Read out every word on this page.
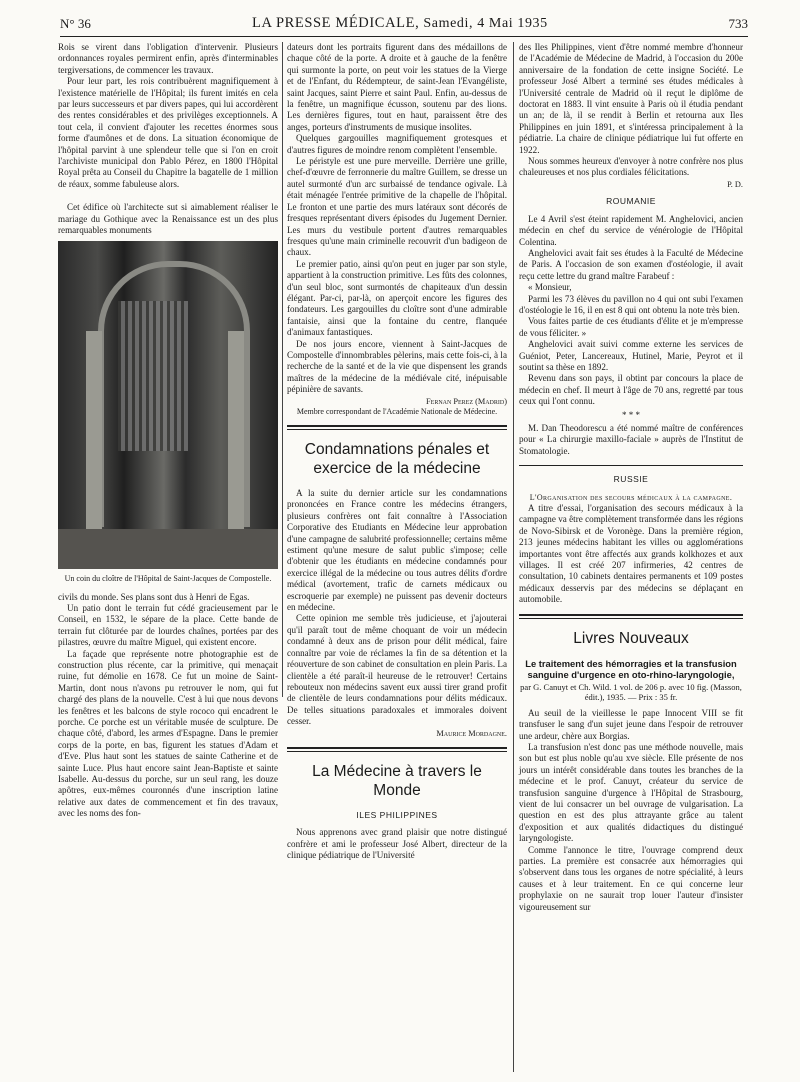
N° 36	LA PRESSE MÉDICALE, Samedi, 4 Mai 1935	733

Rois se virent dans l'obligation d'intervenir. Plusieurs ordonnances royales permirent enfin, après d'interminables tergiversations, de commencer les travaux.

Pour leur part, les rois contribuèrent magnifiquement à l'existence matérielle de l'Hôpital; ils furent imités en cela par leurs successeurs et par divers papes, qui lui accordèrent des rentes considérables et des privilèges exceptionnels. A tout cela, il convient d'ajouter les recettes énormes sous forme d'aumônes et de dons. La situation économique de l'hôpital parvint à une splendeur telle que si l'on en croit l'archiviste municipal don Pablo Pérez, en 1800 l'Hôpital Royal prêta au Conseil du Chapitre la bagatelle de 1 million de réaux, somme fabuleuse alors.

Cet édifice où l'architecte sut si aimablement réaliser le mariage du Gothique avec la Renaissance est un des plus remarquables monuments

Un coin du cloître de l'Hôpital de Saint-Jacques de Compostelle.

civils du monde. Ses plans sont dus à Henri de Egas.

Un patio dont le terrain fut cédé gracieusement par le Conseil, en 1532, le sépare de la place. Cette bande de terrain fut clôturée par de lourdes chaînes, portées par des pilastres, œuvre du maître Miguel, qui existent encore.

La façade que représente notre photographie est de construction plus récente, car la primitive, qui menaçait ruine, fut démolie en 1678. Ce fut un moine de Saint-Martin, dont nous n'avons pu retrouver le nom, qui fut chargé des plans de la nouvelle. C'est à lui que nous devons les fenêtres et les balcons de style rococo qui encadrent le porche. Ce porche est un véritable musée de sculpture. De chaque côté, d'abord, les armes d'Espagne. Dans le premier corps de la porte, en bas, figurent les statues d'Adam et d'Eve. Plus haut sont les statues de sainte Catherine et de sainte Luce. Plus haut encore saint Jean-Baptiste et sainte Isabelle. Au-dessus du porche, sur un seul rang, les douze apôtres, eux-mêmes couronnés d'une inscription latine relative aux dates de commencement et fin des travaux, avec les noms des fon-

dateurs dont les portraits figurent dans des médaillons de chaque côté de la porte. A droite et à gauche de la fenêtre qui surmonte la porte, on peut voir les statues de la Vierge et de l'Enfant, du Rédempteur, de saint-Jean l'Evangéliste, saint Jacques, saint Pierre et saint Paul. Enfin, au-dessus de la fenêtre, un magnifique écusson, soutenu par des lions. Les dernières figures, tout en haut, paraissent être des anges, porteurs d'instruments de musique insolites.

Quelques gargouilles magnifiquement grotesques et d'autres figures de moindre renom complètent l'ensemble.

Le péristyle est une pure merveille. Derrière une grille, chef-d'œuvre de ferronnerie du maître Guillem, se dresse un autel surmonté d'un arc surbaissé de tendance ogivale. Là était ménagée l'entrée primitive de la chapelle de l'hôpital. Le fronton et une partie des murs latéraux sont décorés de fresques représentant divers épisodes du Jugement Dernier. Les murs du vestibule portent d'autres remarquables fresques qu'une main criminelle recouvrit d'un badigeon de chaux.

Le premier patio, ainsi qu'on peut en juger par son style, appartient à la construction primitive. Les fûts des colonnes, d'un seul bloc, sont surmontés de chapiteaux d'un dessin élégant. Par-ci, par-là, on aperçoit encore les figures des fondateurs. Les gargouilles du cloître sont d'une admirable fantaisie, ainsi que la fontaine du centre, flanquée d'animaux fantastiques.

De nos jours encore, viennent à Saint-Jacques de Compostelle d'innombrables pèlerins, mais cette fois-ci, à la recherche de la santé et de la vie que dispensent les grands maîtres de la médecine de la médiévale cité, inépuisable pépinière de savants.

Fernan Perez (Madrid)
Membre correspondant de l'Académie Nationale de Médecine.
Condamnations pénales et exercice de la médecine

A la suite du dernier article sur les condamnations prononcées en France contre les médecins étrangers, plusieurs confrères ont fait connaître à l'Association Corporative des Etudiants en Médecine leur approbation d'une campagne de salubrité professionnelle; certains même estiment qu'une mesure de salut public s'impose; celle d'obtenir que les étudiants en médecine condamnés pour exercice illégal de la médecine ou tous autres délits d'ordre médical (avortement, trafic de carnets médicaux ou escroquerie par exemple) ne puissent pas devenir docteurs en médecine.

Cette opinion me semble très judicieuse, et j'ajouterai qu'il paraît tout de même choquant de voir un médecin condamné à deux ans de prison pour délit médical, faire connaître par voie de réclames la fin de sa détention et la réouverture de son cabinet de consultation en plein Paris. La clientèle a été paraît-il heureuse de le retrouver! Certains rebouteux non médecins savent eux aussi tirer grand profit de clientèle de leurs condamnations pour délits médicaux. De telles situations paradoxales et immorales doivent cesser.

Maurice Mordagne.
La Médecine à travers le Monde
ILES PHILIPPINES

Nous apprenons avec grand plaisir que notre distingué confrère et ami le professeur José Albert, directeur de la clinique pédiatrique de l'Université

des Iles Philippines, vient d'être nommé membre d'honneur de l'Académie de Médecine de Madrid, à l'occasion du 200e anniversaire de la fondation de cette insigne Société. Le professeur José Albert a terminé ses études médicales à l'Université centrale de Madrid où il reçut le diplôme de doctorat en 1883. Il vint ensuite à Paris où il étudia pendant un an; de là, il se rendit à Berlin et retourna aux Iles Philippines en juin 1891, et s'intéressa principalement à la pédiatrie. La chaire de clinique pédiatrique lui fut offerte en 1922.

Nous sommes heureux d'envoyer à notre confrère nos plus chaleureuses et nos plus cordiales félicitations.

P. D.
ROUMANIE

Le 4 Avril s'est éteint rapidement M. Anghelovici, ancien médecin en chef du service de vénérologie de l'Hôpital Colentina.

Anghelovici avait fait ses études à la Faculté de Médecine de Paris. A l'occasion de son examen d'ostéologie, il avait reçu cette lettre du grand maître Farabeuf :

« Monsieur,

Parmi les 73 élèves du pavillon no 4 qui ont subi l'examen d'ostéologie le 16, il en est 8 qui ont obtenu la note très bien.

Vous faites partie de ces étudiants d'élite et je m'empresse de vous féliciter. »

Anghelovici avait suivi comme externe les services de Guéniot, Peter, Lancereaux, Hutinel, Marie, Peyrot et il soutint sa thèse en 1892.

Revenu dans son pays, il obtint par concours la place de médecin en chef. Il meurt à l'âge de 70 ans, regretté par tous ceux qui l'ont connu.

* * *

M. Dan Theodorescu a été nommé maître de conférences pour « La chirurgie maxillo-faciale » auprès de l'Institut de Stomatologie.

RUSSIE
L'Organisation des secours médicaux à la campagne.

A titre d'essai, l'organisation des secours médicaux à la campagne va être complètement transformée dans les régions de Novo-Sibirsk et de Voronège. Dans la première région, 213 jeunes médecins habitant les villes ou agglomérations importantes vont être affectés aux grands kolkhozes et aux villages. Il est créé 207 infirmeries, 42 centres de consultation, 10 cabinets dentaires permanents et 109 postes médicaux desservis par des médecins se déplaçant en automobile.

Livres Nouveaux
Le traitement des hémorragies et la transfusion sanguine d'urgence en oto-rhino-laryngologie,
par G. Canuyt et Ch. Wild. 1 vol. de 206 p. avec 10 fig. (Masson, édit.), 1935. — Prix : 35 fr.

Au seuil de la vieillesse le pape Innocent VIII se fit transfuser le sang d'un sujet jeune dans l'espoir de retrouver une ardeur, chère aux Borgias.

La transfusion n'est donc pas une méthode nouvelle, mais son but est plus noble qu'au xve siècle. Elle présente de nos jours un intérêt considérable dans toutes les branches de la médecine et le prof. Canuyt, créateur du service de transfusion sanguine d'urgence à l'Hôpital de Strasbourg, vient de lui consacrer un bel ouvrage de vulgarisation. La question en est des plus attrayante grâce au talent d'exposition et aux qualités didactiques du distingué laryngologiste.

Comme l'annonce le titre, l'ouvrage comprend deux parties. La première est consacrée aux hémorragies qui s'observent dans tous les organes de notre spécialité, à leurs causes et à leur traitement. En ce qui concerne leur prophylaxie on ne saurait trop louer l'auteur d'insister vigoureusement sur
